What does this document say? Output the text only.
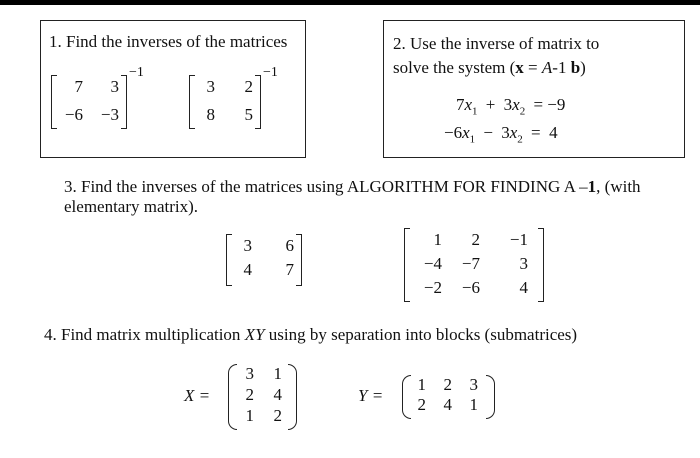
1. Find the inverses of the matrices
7	3
−6	−3
−1
3	2
8	5
−1
2. Use the inverse of matrix to
solve the system (x = A-1 b)
$7x_1 + 3x_2 = -9$
$-6x_1 - 3x_2 = 4$
3. Find the inverses of the matrices using ALGORITHM FOR FINDING A –1, (with
elementary matrix).
3	6
4	7
1	2	−1
−4	−7	3
−2	−6	4
4. Find matrix multiplication XY using by separation into blocks (submatrices)
X =
3	1
2	4
1	2
Y =
1	2	3
2	4	1
